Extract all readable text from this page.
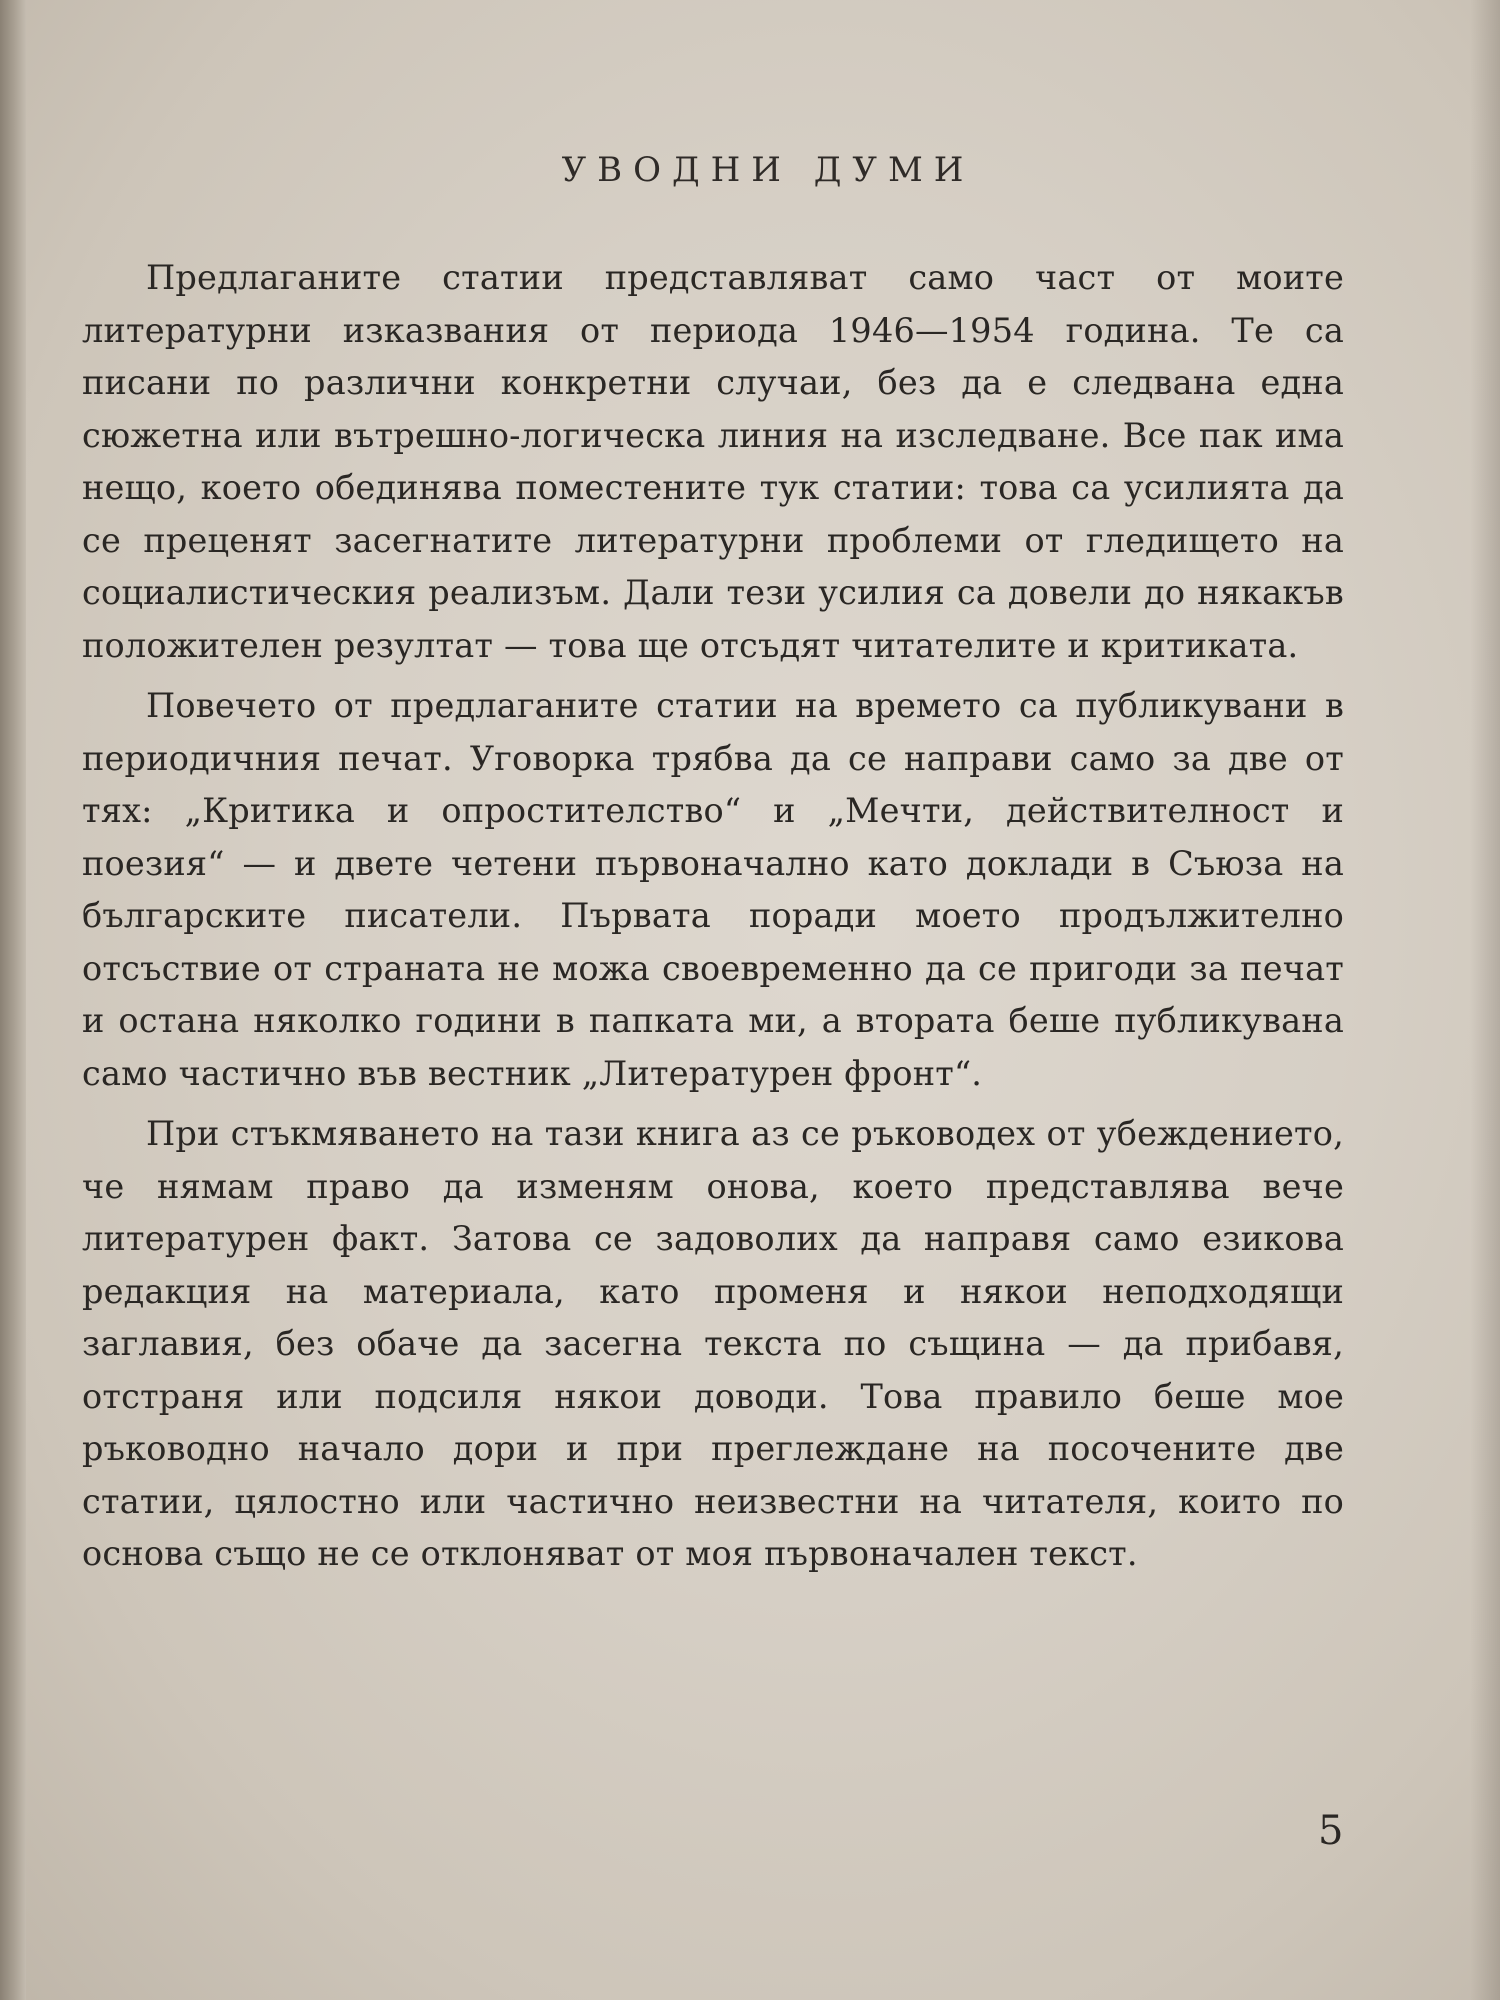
УВОДНИ ДУМИ

Предлаганите статии представляват само част от моите литературни изказвания от периода 1946—1954 година. Те са писани по различни конкретни случаи, без да е следвана една сюжетна или вътрешно-логическа линия на изследване. Все пак има нещо, което обединява поместените тук статии: това са усилията да се преценят засегнатите литературни проблеми от гледището на социалистическия реализъм. Дали тези усилия са довели до някакъв положителен резултат — това ще отсъдят читателите и критиката.

Повечето от предлаганите статии на времето са публикувани в периодичния печат. Уговорка трябва да се направи само за две от тях: „Критика и опростителство“ и „Мечти, действителност и поезия“ — и двете четени първоначално като доклади в Съюза на българските писатели. Първата поради моето продължително отсъствие от страната не можа своевременно да се пригоди за печат и остана няколко години в папката ми, а втората беше публикувана само частично във вестник „Литературен фронт“.

При стъкмяването на тази книга аз се ръководех от убеждението, че нямам право да изменям онова, което представлява вече литературен факт. Затова се задоволих да направя само езикова редакция на материала, като променя и някои неподходящи заглавия, без обаче да засегна текста по същина — да прибавя, отстраня или подсиля някои доводи. Това правило беше мое ръководно начало дори и при преглеждане на посочените две статии, цялостно или частично неизвестни на читателя, които по основа също не се отклоняват от моя първоначален текст.

5
